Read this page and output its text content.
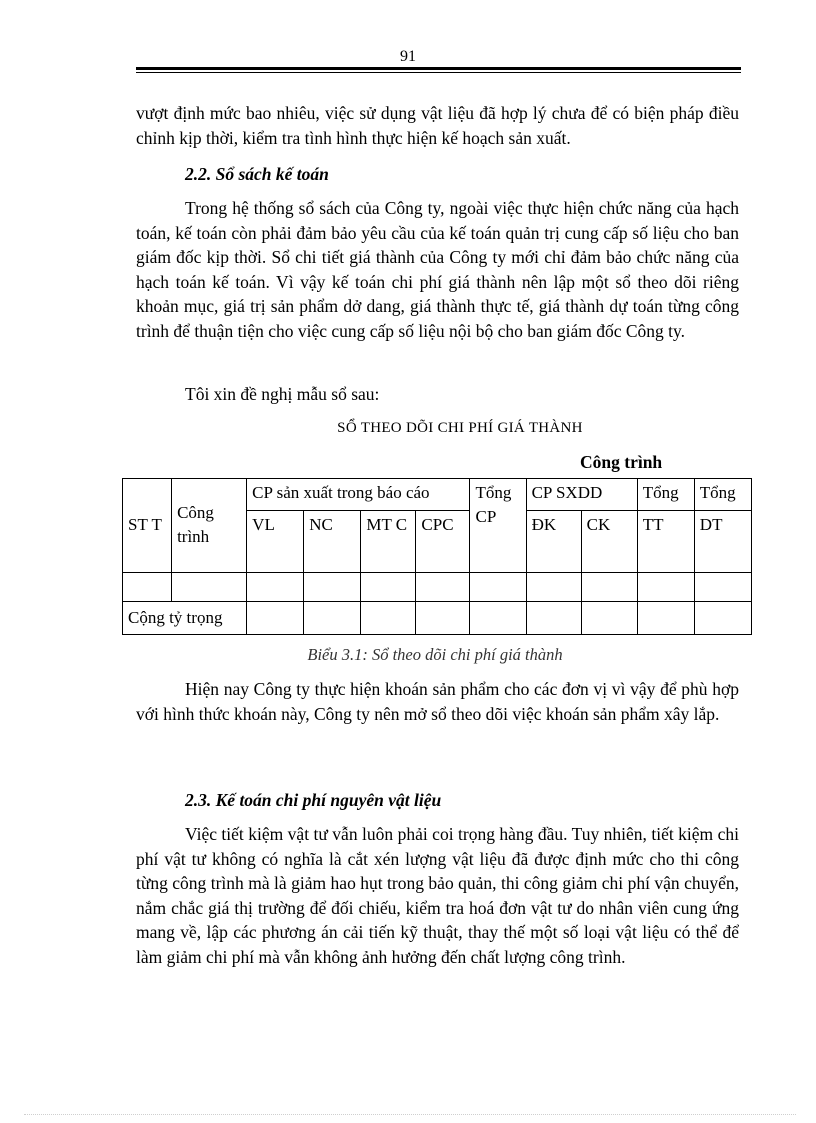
91

vượt định mức bao nhiêu, việc sử dụng vật liệu đã hợp lý chưa để có biện pháp điều chỉnh kịp thời, kiểm tra tình hình thực hiện kế hoạch sản xuất.

2.2. Sổ sách kế toán

Trong hệ thống sổ sách của Công ty, ngoài việc thực hiện chức năng của hạch toán, kế toán còn phải đảm bảo yêu cầu của kế toán quản trị cung cấp số liệu cho ban giám đốc kịp thời. Sổ chi tiết giá thành của Công ty mới chỉ đảm bảo chức năng của hạch toán kế toán. Vì vậy kế toán chi phí giá thành nên lập một sổ theo dõi riêng khoản mục, giá trị sản phẩm dở dang, giá thành thực tế, giá thành dự toán từng công trình để thuận tiện cho việc cung cấp số liệu nội bộ cho ban giám đốc Công ty.

Tôi xin đề nghị mẫu sổ sau:

SỔ THEO DÕI CHI PHÍ GIÁ THÀNH
Công trình
ST T	Công trình	CP sản xuất trong báo cáo				Tổng CP	CP SXDD		Tổng	Tổng
		VL	NC	MT C	CPC		ĐK	CK	TT	DT

Cộng tỷ trọng										
Biểu 3.1: Sổ theo dõi chi phí giá thành

Hiện nay Công ty thực hiện khoán sản phẩm cho các đơn vị vì vậy để phù hợp với hình thức khoán này, Công ty nên mở sổ theo dõi việc khoán sản phẩm xây lắp.

2.3. Kế toán chi phí nguyên vật liệu

Việc tiết kiệm vật tư vẫn luôn phải coi trọng hàng đầu. Tuy nhiên, tiết kiệm chi phí vật tư không có nghĩa là cắt xén lượng vật liệu đã được định mức cho thi công từng công trình mà là giảm hao hụt trong bảo quản, thi công giảm chi phí vận chuyển, nắm chắc giá thị trường để đối chiếu, kiểm tra hoá đơn vật tư do nhân viên cung ứng mang về, lập các phương án cải tiến kỹ thuật, thay thế một số loại vật liệu có thể để làm giảm chi phí mà vẫn không ảnh hưởng đến chất lượng công trình.
